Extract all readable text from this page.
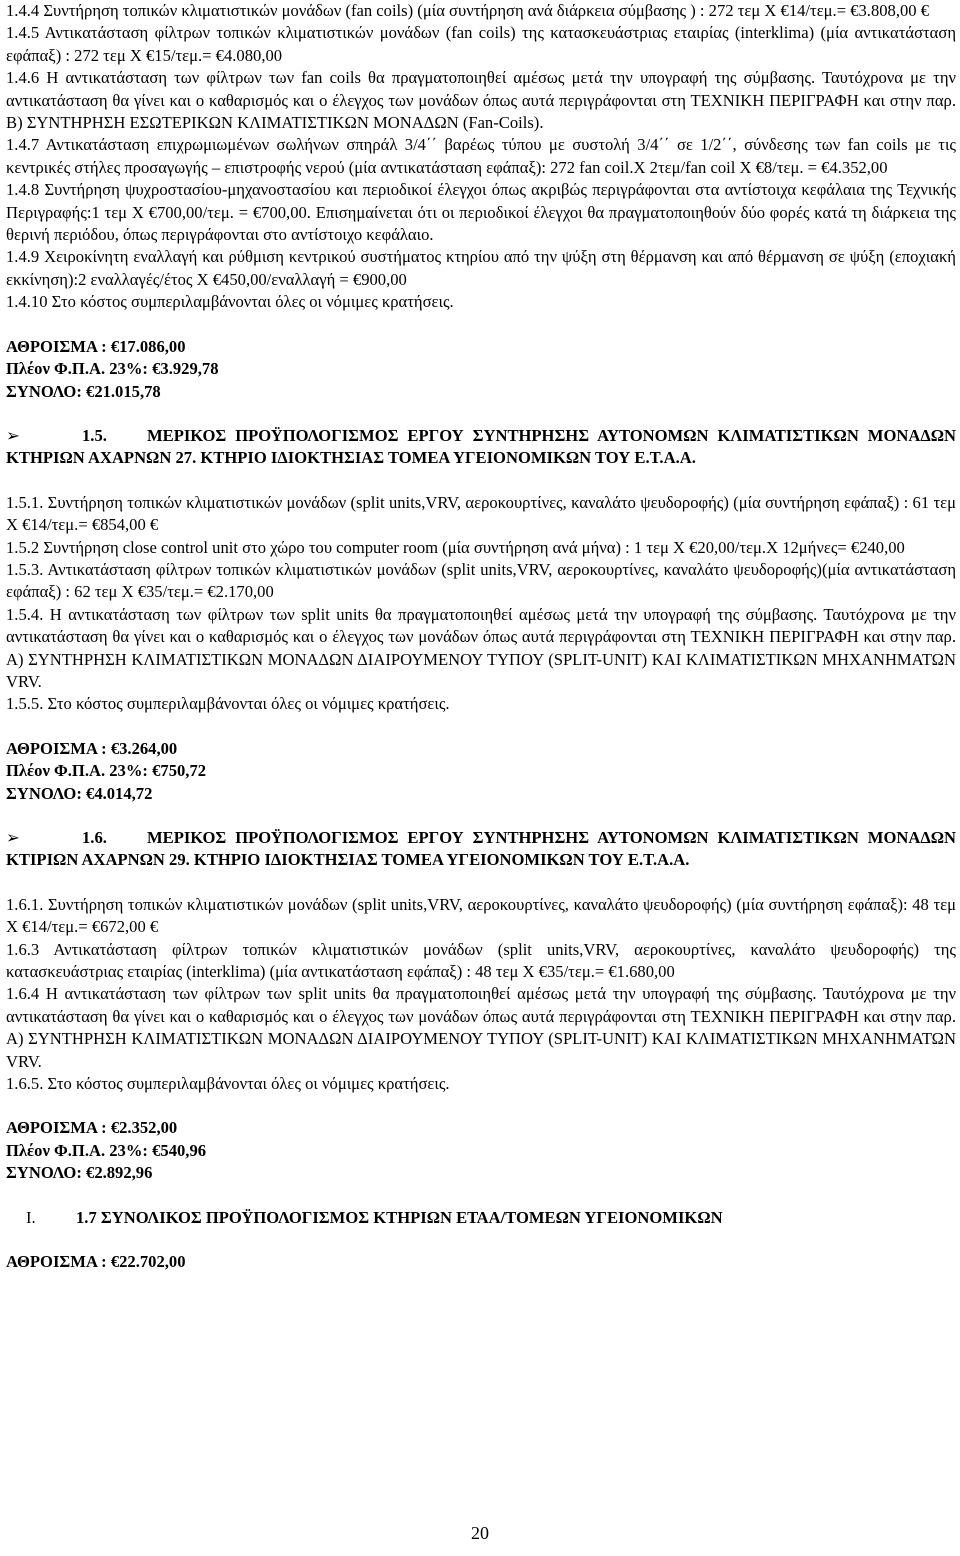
1.4.4 Συντήρηση τοπικών κλιματιστικών μονάδων (fan coils) (μία συντήρηση ανά διάρκεια σύμβασης ) : 272 τεμ Χ €14/τεμ.= €3.808,00 €

1.4.5 Αντικατάσταση φίλτρων τοπικών κλιματιστικών μονάδων (fan coils) της κατασκευάστριας εταιρίας (interklima) (μία αντικατάσταση εφάπαξ) : 272 τεμ Χ €15/τεμ.= €4.080,00

1.4.6 Η αντικατάσταση των φίλτρων των fan coils θα πραγματοποιηθεί αμέσως μετά την υπογραφή της σύμβασης. Ταυτόχρονα με την αντικατάσταση θα γίνει και ο καθαρισμός και ο έλεγχος των μονάδων όπως αυτά περιγράφονται στη ΤΕΧΝΙΚΗ ΠΕΡΙΓΡΑΦΗ και στην παρ. Β) ΣΥΝΤΗΡΗΣΗ ΕΣΩΤΕΡΙΚΩΝ ΚΛΙΜΑΤΙΣΤΙΚΩΝ ΜΟΝΑΔΩΝ (Fan-Coils).

1.4.7 Αντικατάσταση επιχρωμιωμένων σωλήνων σπηράλ 3/4΄΄ βαρέως τύπου με συστολή 3/4΄΄ σε 1/2΄΄, σύνδεσης των fan coils με τις κεντρικές στήλες προσαγωγής – επιστροφής νερού (μία αντικατάσταση εφάπαξ): 272 fan coil.Χ 2τεμ/fan coil Χ €8/τεμ. = €4.352,00

1.4.8 Συντήρηση ψυχροστασίου-μηχανοστασίου και περιοδικοί έλεγχοι όπως ακριβώς περιγράφονται στα αντίστοιχα κεφάλαια της Τεχνικής Περιγραφής:1 τεμ Χ €700,00/τεμ. = €700,00. Επισημαίνεται ότι οι περιοδικοί έλεγχοι θα πραγματοποιηθούν δύο φορές κατά τη διάρκεια της θερινή περιόδου, όπως περιγράφονται στο αντίστοιχο κεφάλαιο.

1.4.9 Χειροκίνητη εναλλαγή και ρύθμιση κεντρικού συστήματος κτηρίου από την ψύξη στη θέρμανση και από θέρμανση σε ψύξη (εποχιακή εκκίνηση):2 εναλλαγές/έτος Χ €450,00/εναλλαγή = €900,00

1.4.10 Στο κόστος συμπεριλαμβάνονται όλες οι νόμιμες κρατήσεις.

ΑΘΡΟΙΣΜΑ : €17.086,00

Πλέον Φ.Π.Α. 23%: €3.929,78

ΣΥΝΟΛΟ: €21.015,78

➢	1.5. ΜΕΡΙΚΟΣ ΠΡΟΫΠΟΛΟΓΙΣΜΟΣ ΕΡΓΟΥ ΣΥΝΤΗΡΗΣΗΣ ΑΥΤΟΝΟΜΩΝ ΚΛΙΜΑΤΙΣΤΙΚΩΝ ΜΟΝΑΔΩΝ ΚΤΗΡΙΩΝ ΑΧΑΡΝΩΝ 27. ΚΤΗΡΙΟ ΙΔΙΟΚΤΗΣΙΑΣ ΤΟΜΕΑ ΥΓΕΙΟΝΟΜΙΚΩΝ ΤΟΥ Ε.Τ.Α.Α.

1.5.1. Συντήρηση τοπικών κλιματιστικών μονάδων (split units,VRV, αεροκουρτίνες, καναλάτο ψευδοροφής) (μία συντήρηση εφάπαξ) : 61 τεμ Χ €14/τεμ.= €854,00 €

1.5.2 Συντήρηση close control unit στο χώρο του computer room (μία συντήρηση ανά μήνα) : 1 τεμ Χ €20,00/τεμ.Χ 12μήνες= €240,00

1.5.3. Αντικατάσταση φίλτρων τοπικών κλιματιστικών μονάδων (split units,VRV, αεροκουρτίνες, καναλάτο ψευδοροφής)(μία αντικατάσταση εφάπαξ) : 62 τεμ Χ €35/τεμ.= €2.170,00

1.5.4. Η αντικατάσταση των φίλτρων των split units θα πραγματοποιηθεί αμέσως μετά την υπογραφή της σύμβασης. Ταυτόχρονα με την αντικατάσταση θα γίνει και ο καθαρισμός και ο έλεγχος των μονάδων όπως αυτά περιγράφονται στη ΤΕΧΝΙΚΗ ΠΕΡΙΓΡΑΦΗ και στην παρ. Α) ΣΥΝΤΗΡΗΣΗ ΚΛΙΜΑΤΙΣΤΙΚΩΝ ΜΟΝΑΔΩΝ ΔΙΑΙΡΟΥΜΕΝΟΥ ΤΥΠΟΥ (SPLIT-UNIT) ΚΑΙ ΚΛΙΜΑΤΙΣΤΙΚΩΝ ΜΗΧΑΝΗΜΑΤΩΝ VRV.

1.5.5. Στο κόστος συμπεριλαμβάνονται όλες οι νόμιμες κρατήσεις.

ΑΘΡΟΙΣΜΑ : €3.264,00

Πλέον Φ.Π.Α. 23%: €750,72

ΣΥΝΟΛΟ: €4.014,72

➢	1.6. ΜΕΡΙΚΟΣ ΠΡΟΫΠΟΛΟΓΙΣΜΟΣ ΕΡΓΟΥ ΣΥΝΤΗΡΗΣΗΣ ΑΥΤΟΝΟΜΩΝ ΚΛΙΜΑΤΙΣΤΙΚΩΝ ΜΟΝΑΔΩΝ ΚΤΙΡΙΩΝ ΑΧΑΡΝΩΝ 29. ΚΤΗΡΙΟ ΙΔΙΟΚΤΗΣΙΑΣ ΤΟΜΕΑ ΥΓΕΙΟΝΟΜΙΚΩΝ ΤΟΥ Ε.Τ.Α.Α.

1.6.1. Συντήρηση τοπικών κλιματιστικών μονάδων (split units,VRV, αεροκουρτίνες, καναλάτο ψευδοροφής) (μία συντήρηση εφάπαξ): 48 τεμ Χ €14/τεμ.= €672,00 €

1.6.3 Αντικατάσταση φίλτρων τοπικών κλιματιστικών μονάδων (split units,VRV, αεροκουρτίνες, καναλάτο ψευδοροφής) της κατασκευάστριας εταιρίας (interklima) (μία αντικατάσταση εφάπαξ) : 48 τεμ Χ €35/τεμ.= €1.680,00

1.6.4 Η αντικατάσταση των φίλτρων των split units θα πραγματοποιηθεί αμέσως μετά την υπογραφή της σύμβασης. Ταυτόχρονα με την αντικατάσταση θα γίνει και ο καθαρισμός και ο έλεγχος των μονάδων όπως αυτά περιγράφονται στη ΤΕΧΝΙΚΗ ΠΕΡΙΓΡΑΦΗ και στην παρ. Α) ΣΥΝΤΗΡΗΣΗ ΚΛΙΜΑΤΙΣΤΙΚΩΝ ΜΟΝΑΔΩΝ ΔΙΑΙΡΟΥΜΕΝΟΥ ΤΥΠΟΥ (SPLIT-UNIT) ΚΑΙ ΚΛΙΜΑΤΙΣΤΙΚΩΝ ΜΗΧΑΝΗΜΑΤΩΝ VRV.

1.6.5. Στο κόστος συμπεριλαμβάνονται όλες οι νόμιμες κρατήσεις.

ΑΘΡΟΙΣΜΑ : €2.352,00

Πλέον Φ.Π.Α. 23%: €540,96

ΣΥΝΟΛΟ: €2.892,96

I. 1.7 ΣΥΝΟΛΙΚΟΣ ΠΡΟΫΠΟΛΟΓΙΣΜΟΣ ΚΤΗΡΙΩΝ ΕΤΑΑ/ΤΟΜΕΩΝ ΥΓΕΙΟΝΟΜΙΚΩΝ

ΑΘΡΟΙΣΜΑ : €22.702,00

20
